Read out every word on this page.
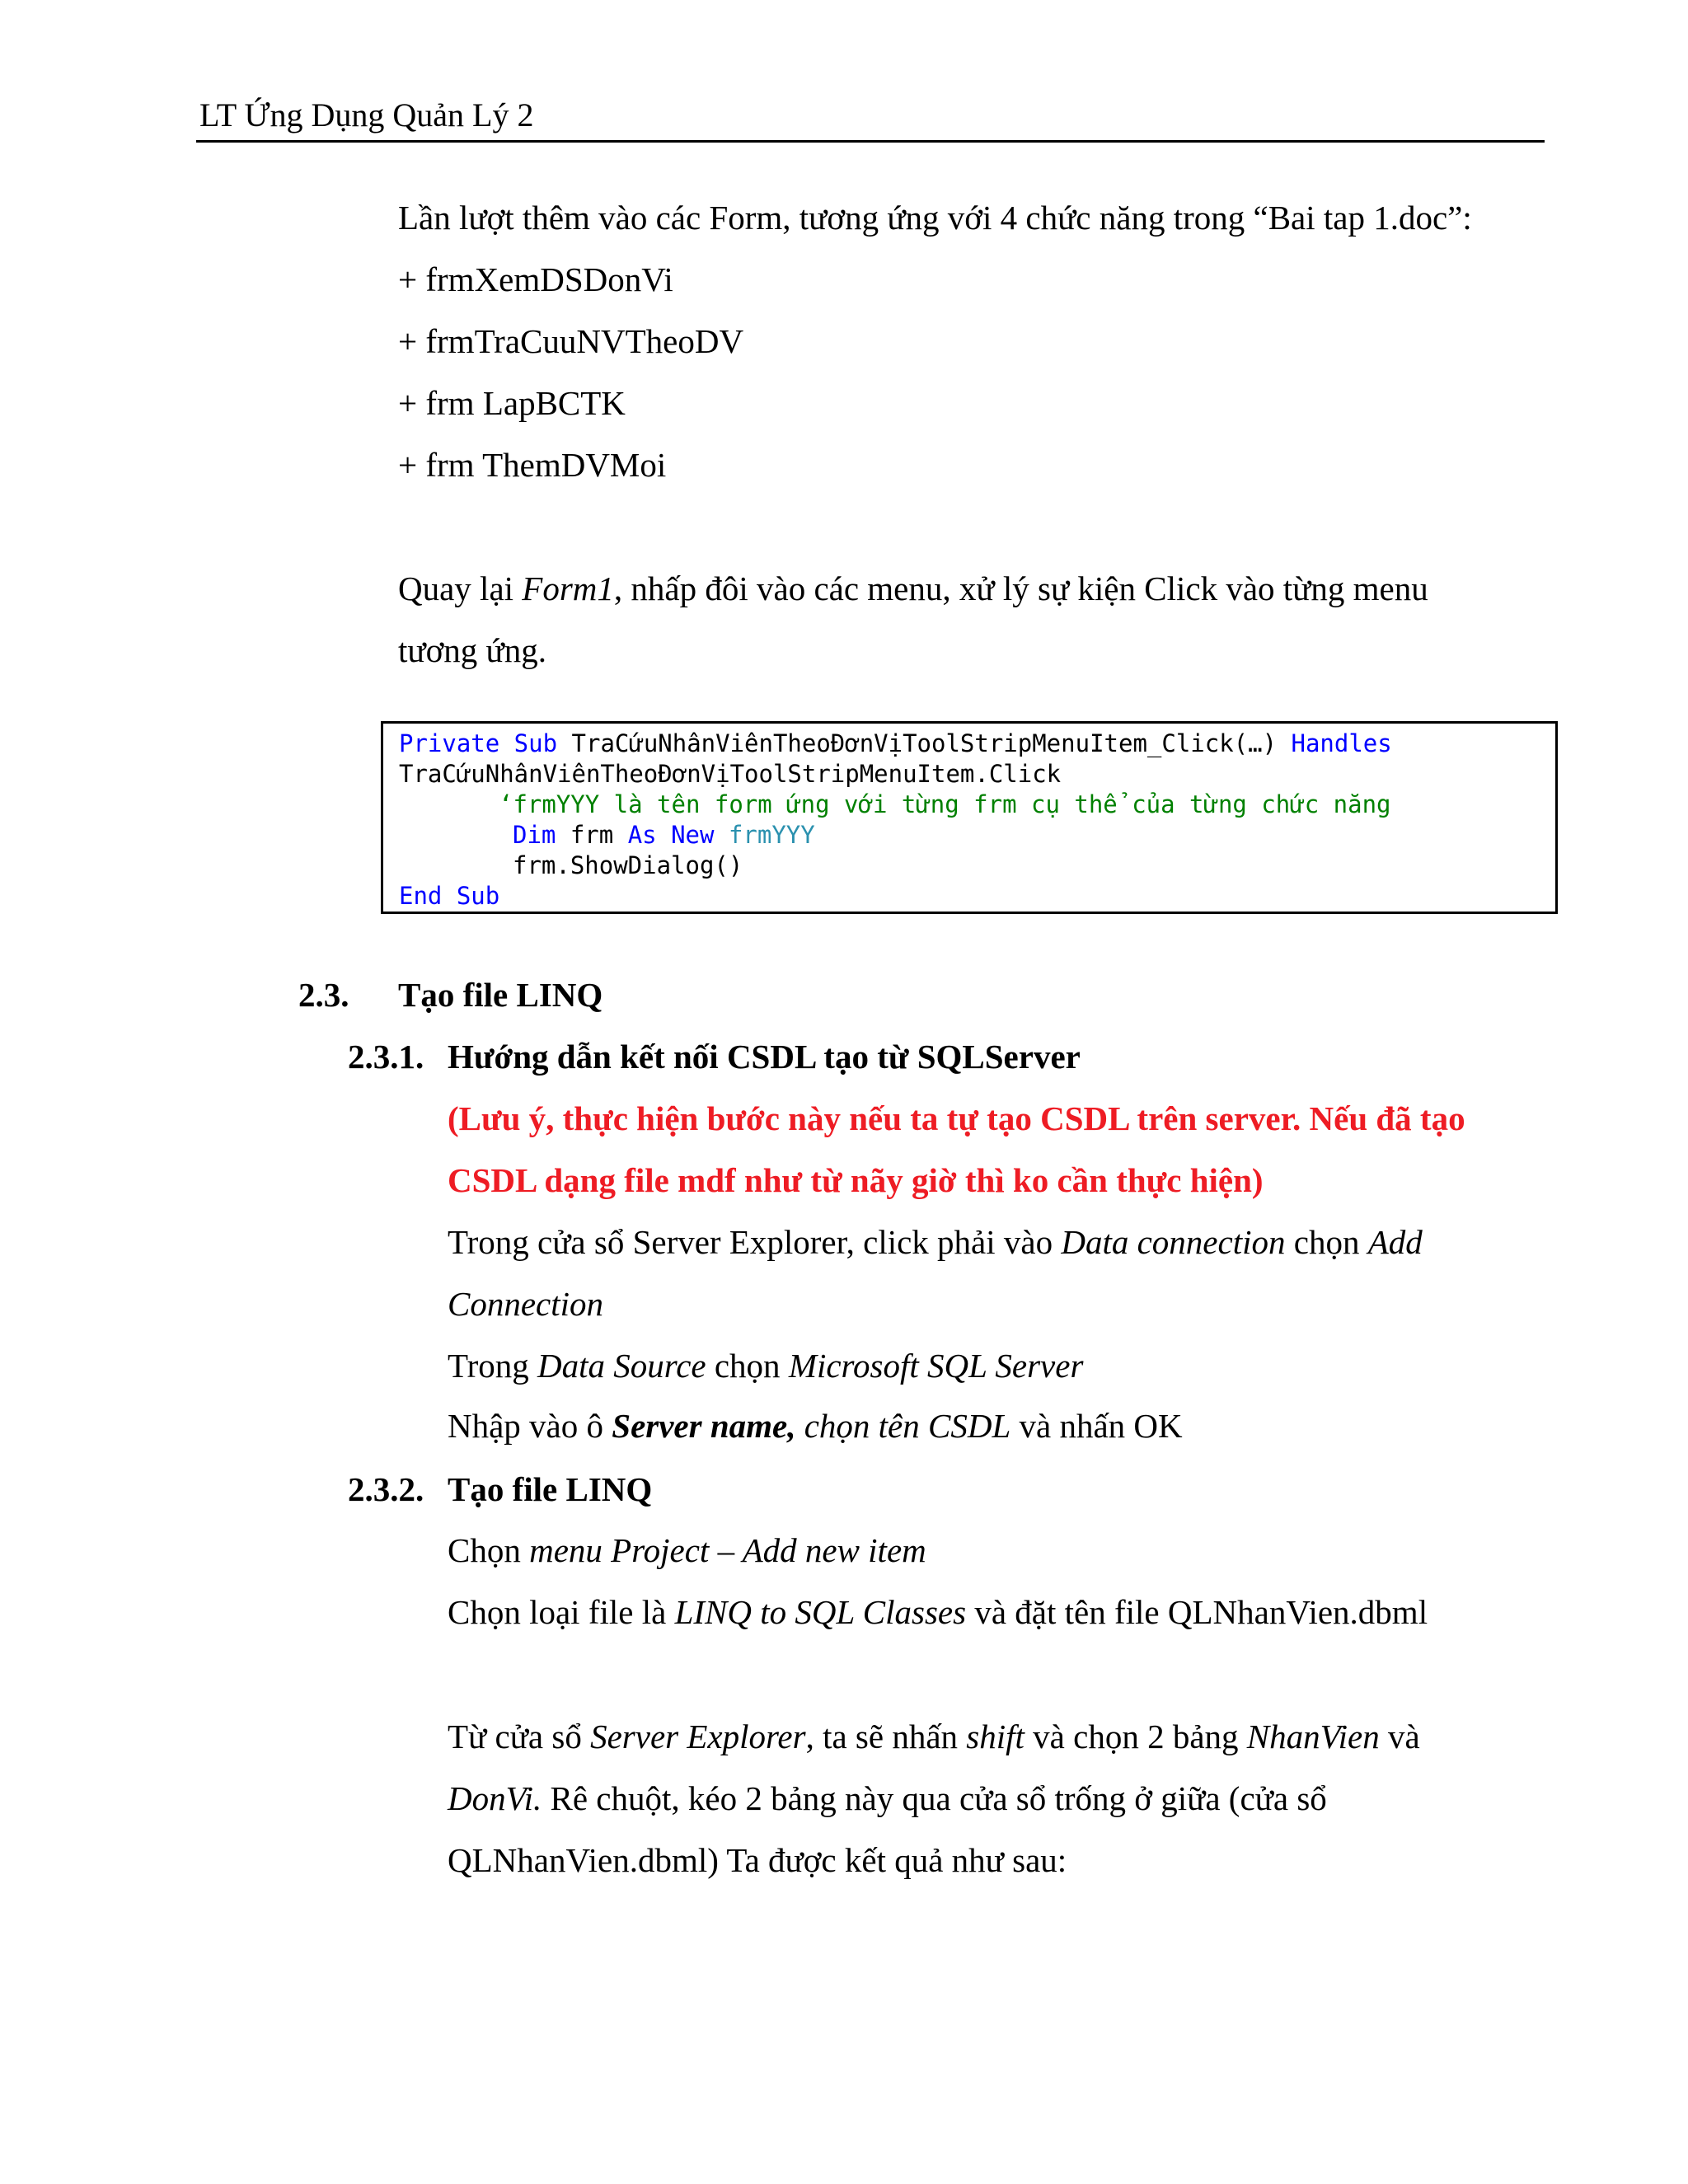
LT Ứng Dụng Quản Lý 2
Lần lượt thêm vào các Form, tương ứng với 4 chức năng trong “Bai tap 1.doc”:
+ frmXemDSDonVi
+ frmTraCuuNVTheoDV
+ frm LapBCTK
+ frm ThemDVMoi
Quay lại Form1, nhấp đôi vào các menu, xử lý sự kiện Click vào từng menu
tương ứng.
Private Sub TraCứuNhânViênTheoĐơnVịToolStripMenuItem_Click(…) Handles
TraCứuNhânViênTheoĐơnVịToolStripMenuItem.Click
‘frmYYY là tên form ứng với từng frm cụ thể của từng chức năng
Dim frm As New frmYYY
frm.ShowDialog()
End Sub
2.3. Tạo file LINQ
2.3.1. Hướng dẫn kết nối CSDL tạo từ SQLServer
(Lưu ý, thực hiện bước này nếu ta tự tạo CSDL trên server. Nếu đã tạo
CSDL dạng file mdf như từ nãy giờ thì ko cần thực hiện)
Trong cửa sổ Server Explorer, click phải vào Data connection chọn Add
Connection
Trong Data Source chọn Microsoft SQL Server
Nhập vào ô Server name, chọn tên CSDL và nhấn OK
2.3.2. Tạo file LINQ
Chọn menu Project – Add new item
Chọn loại file là LINQ to SQL Classes và đặt tên file QLNhanVien.dbml
Từ cửa sổ Server Explorer, ta sẽ nhấn shift và chọn 2 bảng NhanVien và
DonVi. Rê chuột, kéo 2 bảng này qua cửa sổ trống ở giữa (cửa sổ
QLNhanVien.dbml) Ta được kết quả như sau:
